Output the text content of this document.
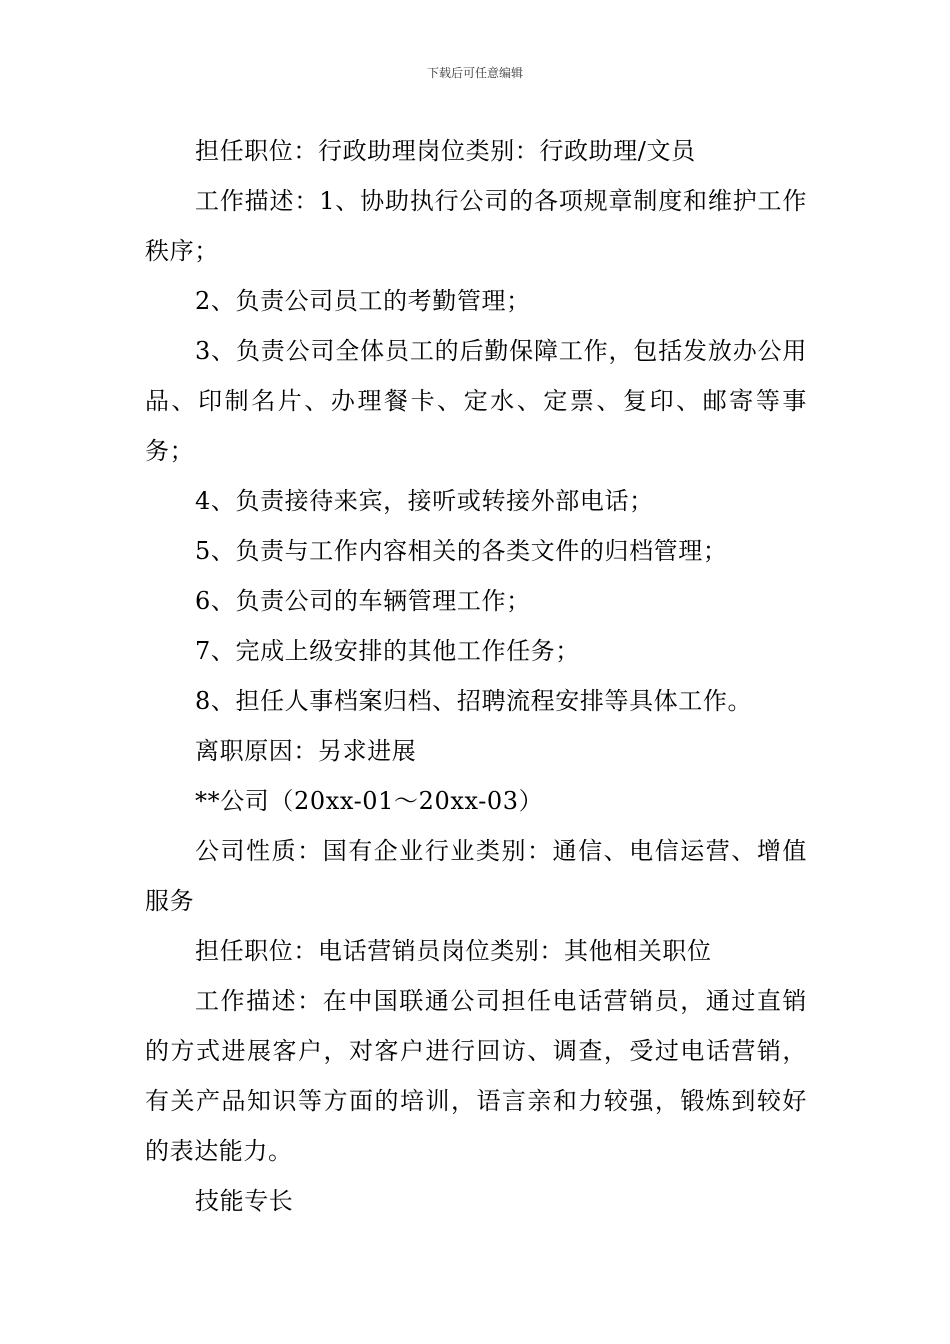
下载后可任意编辑

担任职位：行政助理岗位类别：行政助理/文员

工作描述：1、协助执行公司的各项规章制度和维护工作秩序；

2、负责公司员工的考勤管理；

3、负责公司全体员工的后勤保障工作，包括发放办公用品、印制名片、办理餐卡、定水、定票、复印、邮寄等事务；

4、负责接待来宾，接听或转接外部电话；

5、负责与工作内容相关的各类文件的归档管理；

6、负责公司的车辆管理工作；

7、完成上级安排的其他工作任务；

8、担任人事档案归档、招聘流程安排等具体工作。

离职原因：另求进展

**公司（20xx-01～20xx-03）

公司性质：国有企业行业类别：通信、电信运营、增值服务

担任职位：电话营销员岗位类别：其他相关职位

工作描述：在中国联通公司担任电话营销员，通过直销的方式进展客户，对客户进行回访、调查，受过电话营销，有关产品知识等方面的培训，语言亲和力较强，锻炼到较好的表达能力。

技能专长
